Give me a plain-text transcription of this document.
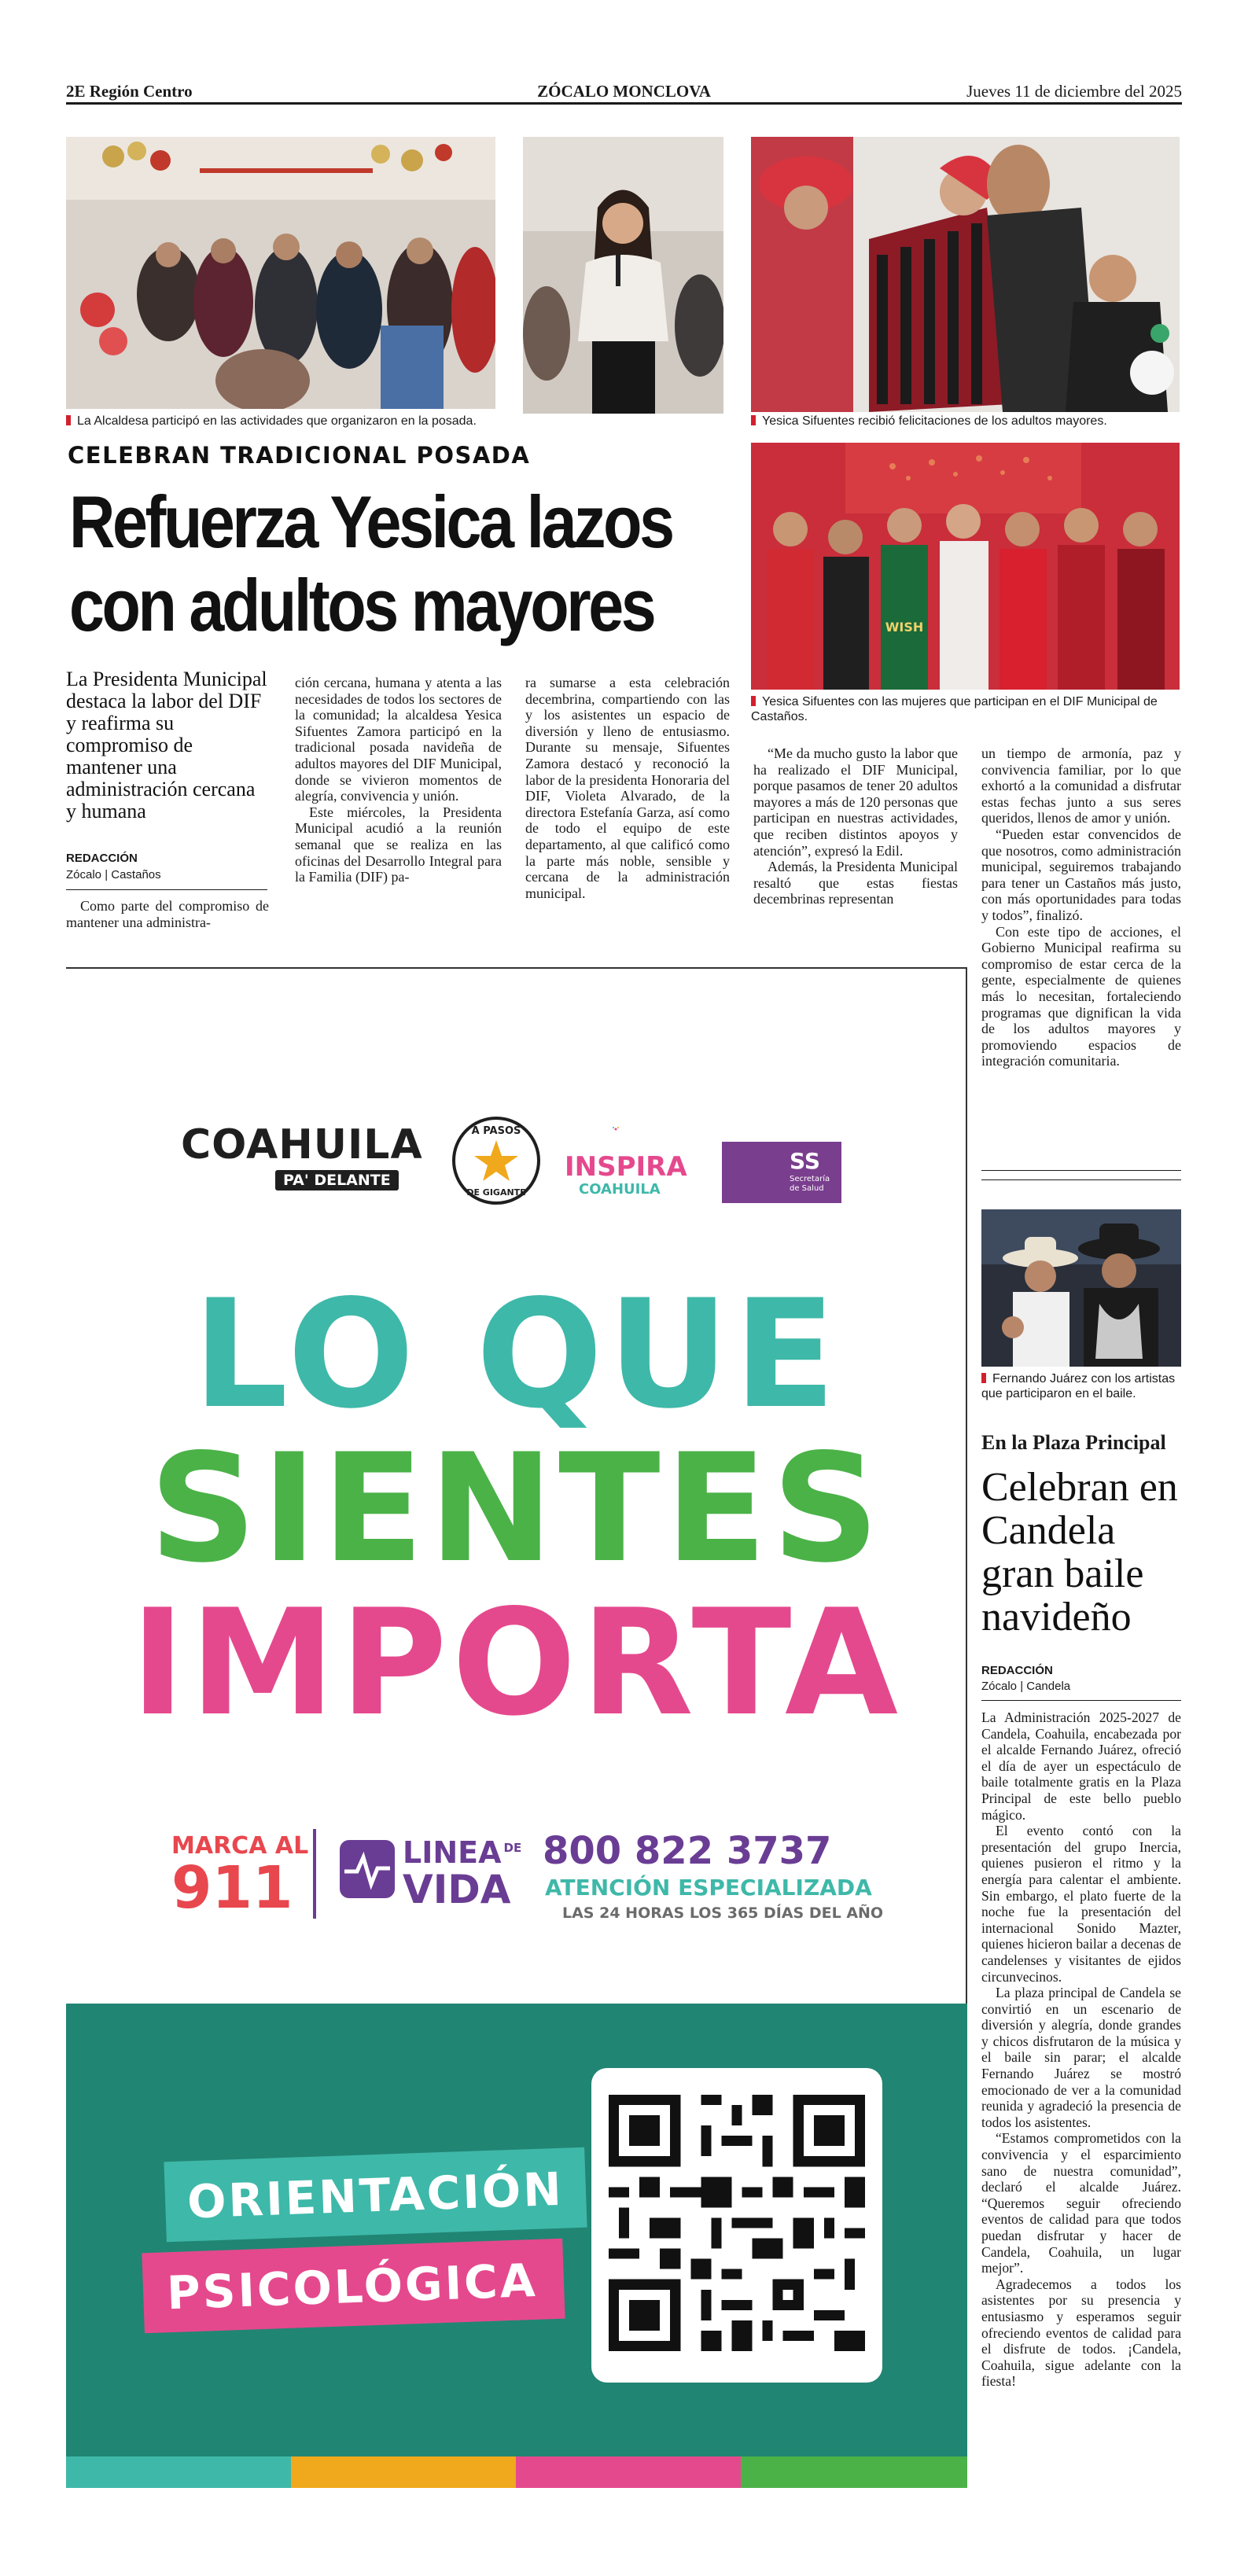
2E Región Centro	ZÓCALO MONCLOVA	Jueves 11 de diciembre del 2025
La Alcaldesa participó en las actividades que organizaron en la posada.	Yesica Sifuentes recibió felicitaciones de los adultos mayores.
WISH
Yesica Sifuentes con las mujeres que participan en el DIF Municipal de Castaños.
CELEBRAN TRADICIONAL POSADA
Refuerza Yesica lazos
con adultos mayores
La Presidenta Municipal destaca la labor del DIF y reafirma su compromiso de mantener una administración cercana y humana
REDACCIÓN
Zócalo | Castaños

Como parte del compromiso de mantener una administra-

ción cercana, humana y atenta a las necesidades de todos los sectores de la comunidad; la alcaldesa Yesica Sifuentes Zamora participó en la tradicional posada navideña de adultos mayores del DIF Municipal, donde se vivieron momentos de alegría, convivencia y unión.

Este miércoles, la Presidenta Municipal acudió a la reunión semanal que se realiza en las oficinas del Desarrollo Integral para la Familia (DIF) pa-

ra sumarse a esta celebración decembrina, compartiendo con las y los asistentes un espacio de diversión y lleno de entusiasmo. Durante su mensaje, Sifuentes Zamora destacó y reconoció la labor de la presidenta Honoraria del DIF, Violeta Alvarado, de la directora Estefanía Garza, así como de todo el equipo de este departamento, al que calificó como la parte más noble, sensible y cercana de la administración municipal.

“Me da mucho gusto la labor que ha realizado el DIF Municipal, porque pasamos de tener 20 adultos mayores a más de 120 personas que participan en nuestras actividades, que reciben distintos apoyos y atención”, expresó la Edil.

Además, la Presidenta Municipal resaltó que estas fiestas decembrinas representan

un tiempo de armonía, paz y convivencia familiar, por lo que exhortó a la comunidad a disfrutar estas fechas junto a sus seres queridos, llenos de amor y unión.

“Pueden estar convencidos de que nosotros, como administración municipal, seguiremos trabajando para tener un Castaños más justo, con más oportunidades para todas y todos”, finalizó.

Con este tipo de acciones, el Gobierno Municipal reafirma su compromiso de estar cerca de la gente, especialmente de quienes más lo necesitan, fortaleciendo programas que dignifican la vida de los adultos mayores y promoviendo espacios de integración comunitaria.

COAHUILA
PA' DELANTE
A PASOS
DE GIGANTE
INSPIRA
COAHUILA
SS
Secretaría
de Salud
LO QUE
SIENTES
IMPORTA
MARCA AL
911
LINEA $^{DE}$
VIDA
800 822 3737
ATENCIÓN ESPECIALIZADA
LAS 24 HORAS LOS 365 DÍAS DEL AÑO
ORIENTACIÓN
PSICOLÓGICA
Fernando Juárez con los artistas que participaron en el baile.
En la Plaza Principal
Celebran en Candela gran baile navideño
REDACCIÓN
Zócalo | Candela

La Administración 2025-2027 de Candela, Coahuila, encabezada por el alcalde Fernando Juárez, ofreció el día de ayer un espectáculo de baile totalmente gratis en la Plaza Principal de este bello pueblo mágico.

El evento contó con la presentación del grupo Inercia, quienes pusieron el ritmo y la energía para calentar el ambiente. Sin embargo, el plato fuerte de la noche fue la presentación del internacional Sonido Mazter, quienes hicieron bailar a decenas de candelenses y visitantes de ejidos circunvecinos.

La plaza principal de Candela se convirtió en un escenario de diversión y alegría, donde grandes y chicos disfrutaron de la música y el baile sin parar; el alcalde Fernando Juárez se mostró emocionado de ver a la comunidad reunida y agradeció la presencia de todos los asistentes.

“Estamos comprometidos con la convivencia y el esparcimiento sano de nuestra comunidad”, declaró el alcalde Juárez. “Queremos seguir ofreciendo eventos de calidad para que todos puedan disfrutar y hacer de Candela, Coahuila, un lugar mejor”.

Agradecemos a todos los asistentes por su presencia y entusiasmo y esperamos seguir ofreciendo eventos de calidad para el disfrute de todos. ¡Candela, Coahuila, sigue adelante con la fiesta!
